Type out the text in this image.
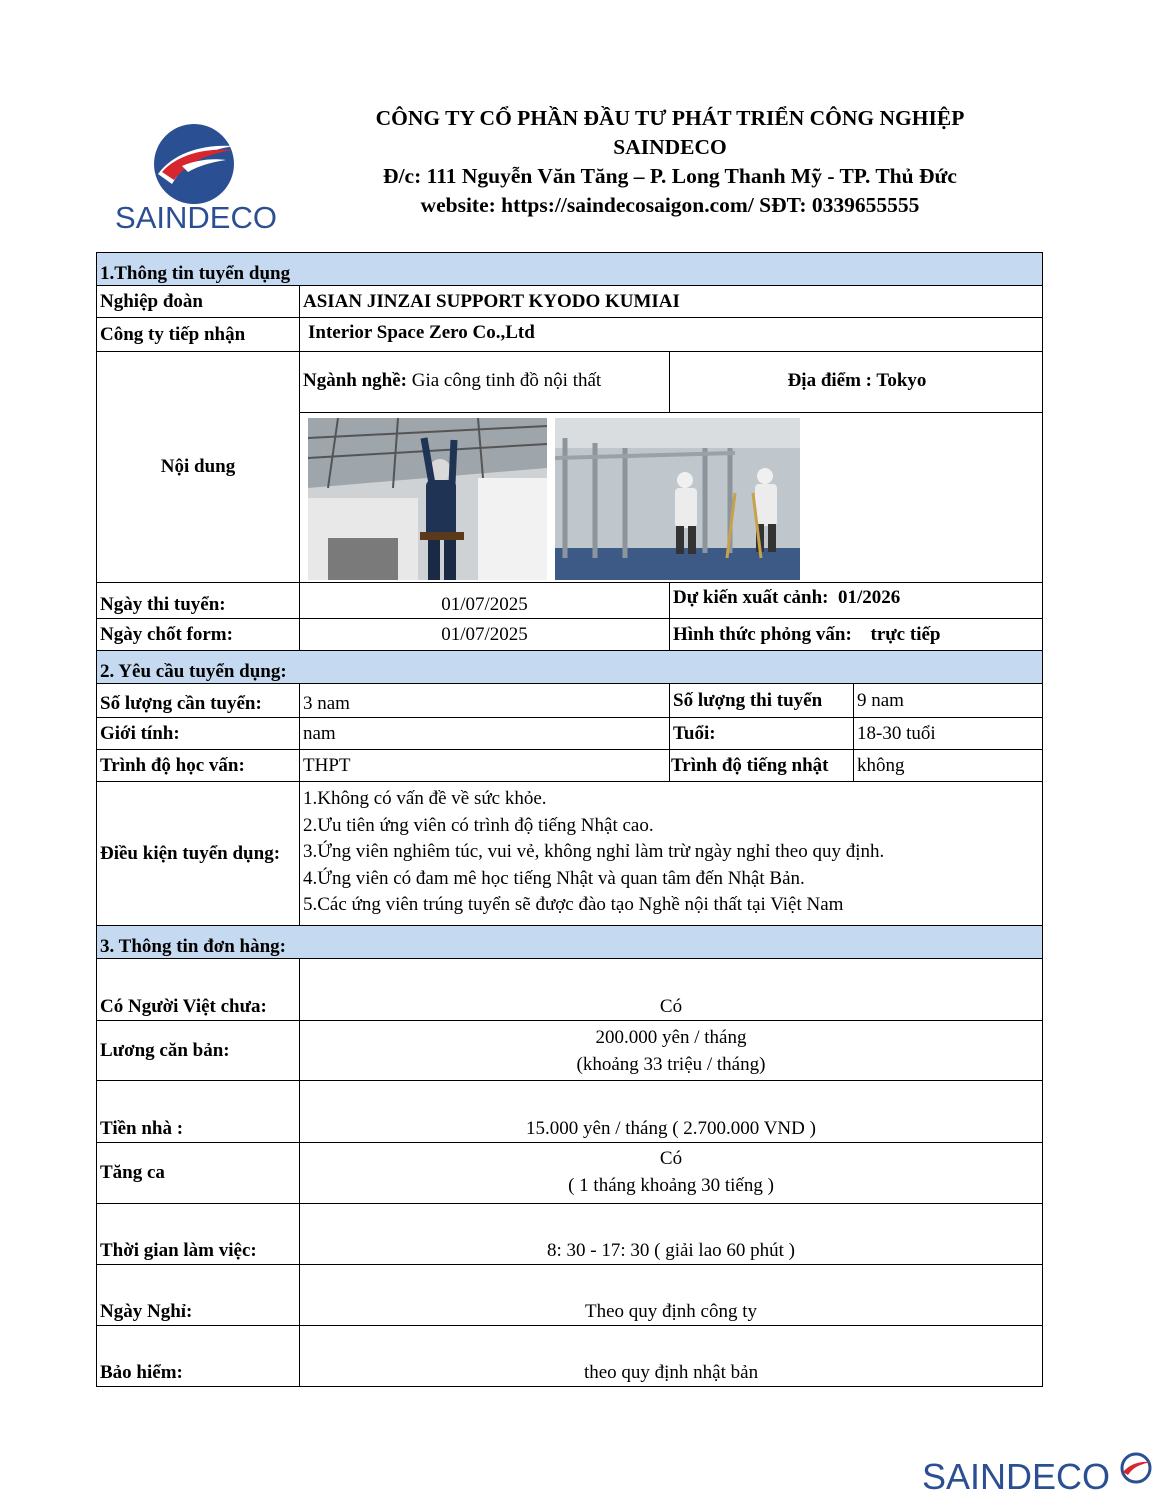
SAINDECO
CÔNG TY CỔ PHẦN ĐẦU TƯ PHÁT TRIỂN CÔNG NGHIỆP
SAINDECO
Đ/c: 111 Nguyễn Văn Tăng – P. Long Thanh Mỹ - TP. Thủ Đức
website: https://saindecosaigon.com/ SĐT: 0339655555
1.Thông tin tuyển dụng			
Nghiệp đoàn	ASIAN JINZAI SUPPORT KYODO KUMIAI		
Công ty tiếp nhận	Interior Space Zero Co.,Ltd		
Nội dung	Ngành nghề: Gia công tinh đồ nội thất Địa điểm : Tokyo		

Ngày thi tuyển:	01/07/2025	Dự kiến xuất cảnh: 01/2026	
Ngày chốt form:	01/07/2025	Hình thức phỏng vấn: trực tiếp	
2. Yêu cầu tuyển dụng:			
Số lượng cần tuyển:	3 nam	Số lượng thi tuyển	9 nam
Giới tính:	nam	Tuổi:	18-30 tuổi
Trình độ học vấn:	THPT	Trình độ tiếng nhật	không
Điều kiện tuyển dụng:	1.Không có vấn đề về sức khỏe.
2.Ưu tiên ứng viên có trình độ tiếng Nhật cao.
3.Ứng viên nghiêm túc, vui vẻ, không nghỉ làm trừ ngày nghỉ theo quy định.
4.Ứng viên có đam mê học tiếng Nhật và quan tâm đến Nhật Bản.
5.Các ứng viên trúng tuyển sẽ được đào tạo Nghề nội thất tại Việt Nam		

3. Thông tin đơn hàng:			
Có Người Việt chưa:	Có		
Lương căn bản:	200.000 yên / tháng
(khoảng 33 triệu / tháng)		

Tiền nhà :	15.000 yên / tháng ( 2.700.000 VND )		
Tăng ca	Có
( 1 tháng khoảng 30 tiếng )		

Thời gian làm việc:	8: 30 - 17: 30 ( giải lao 60 phút )		
Ngày Nghỉ:	Theo quy định công ty		
Bảo hiểm:	theo quy định nhật bản		
SAINDECO
